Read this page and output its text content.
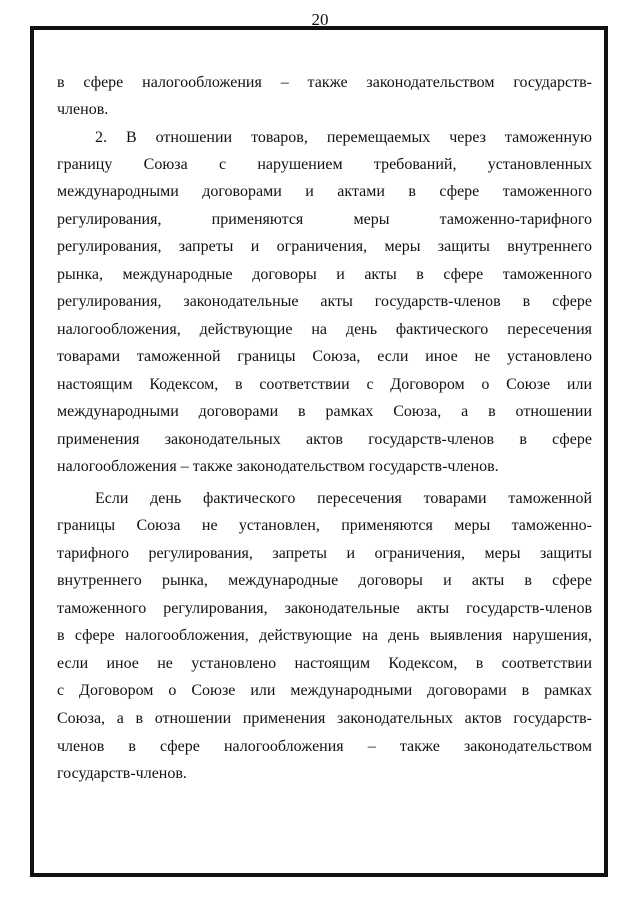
20
в сфере налогообложения – также законодательством государств-
членов.
2. В отношении товаров, перемещаемых через таможенную
границу Союза с нарушением требований, установленных
международными договорами и актами в сфере таможенного
регулирования, применяются меры таможенно-тарифного
регулирования, запреты и ограничения, меры защиты внутреннего
рынка, международные договоры и акты в сфере таможенного
регулирования, законодательные акты государств-членов в сфере
налогообложения, действующие на день фактического пересечения
товарами таможенной границы Союза, если иное не установлено
настоящим Кодексом, в соответствии с Договором о Союзе или
международными договорами в рамках Союза, а в отношении
применения законодательных актов государств-членов в сфере
налогообложения – также законодательством государств-членов.
Если день фактического пересечения товарами таможенной
границы Союза не установлен, применяются меры таможенно-
тарифного регулирования, запреты и ограничения, меры защиты
внутреннего рынка, международные договоры и акты в сфере
таможенного регулирования, законодательные акты государств-членов
в сфере налогообложения, действующие на день выявления нарушения,
если иное не установлено настоящим Кодексом, в соответствии
с Договором о Союзе или международными договорами в рамках
Союза, а в отношении применения законодательных актов государств-
членов в сфере налогообложения – также законодательством
государств-членов.
